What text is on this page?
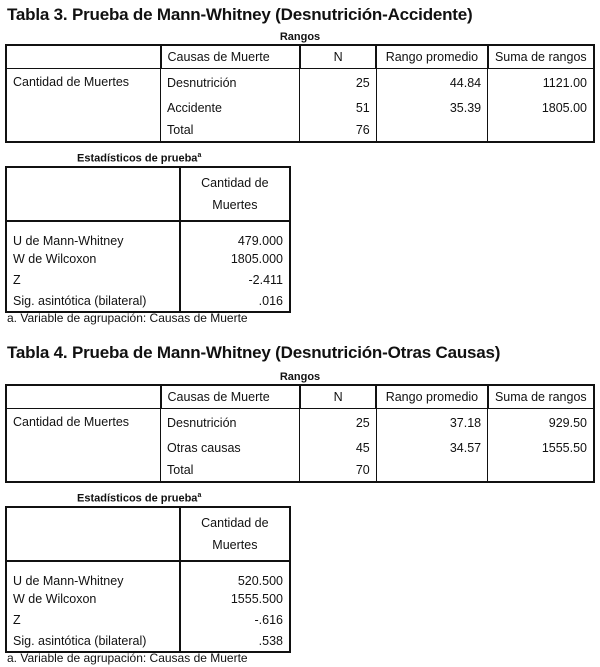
Tabla 3. Prueba de Mann-Whitney (Desnutrición-Accidente)
Rangos
	Causas de Muerte	N	Rango promedio	Suma de rangos
Cantidad de Muertes	Desnutrición	25	44.84	1121.00
	Accidente	51	35.39	1805.00
	Total	76		
Estadísticos de prueba$^a$
	Cantidad de Muertes
U de Mann-Whitney	479.000
W de Wilcoxon	1805.000
Z	-2.411
Sig. asintótica (bilateral)	.016
a. Variable de agrupación: Causas de Muerte
Tabla 4. Prueba de Mann-Whitney (Desnutrición-Otras Causas)
Rangos
	Causas de Muerte	N	Rango promedio	Suma de rangos
Cantidad de Muertes	Desnutrición	25	37.18	929.50
	Otras causas	45	34.57	1555.50
	Total	70		
Estadísticos de prueba$^a$
	Cantidad de Muertes
U de Mann-Whitney	520.500
W de Wilcoxon	1555.500
Z	-.616
Sig. asintótica (bilateral)	.538
a. Variable de agrupación: Causas de Muerte
